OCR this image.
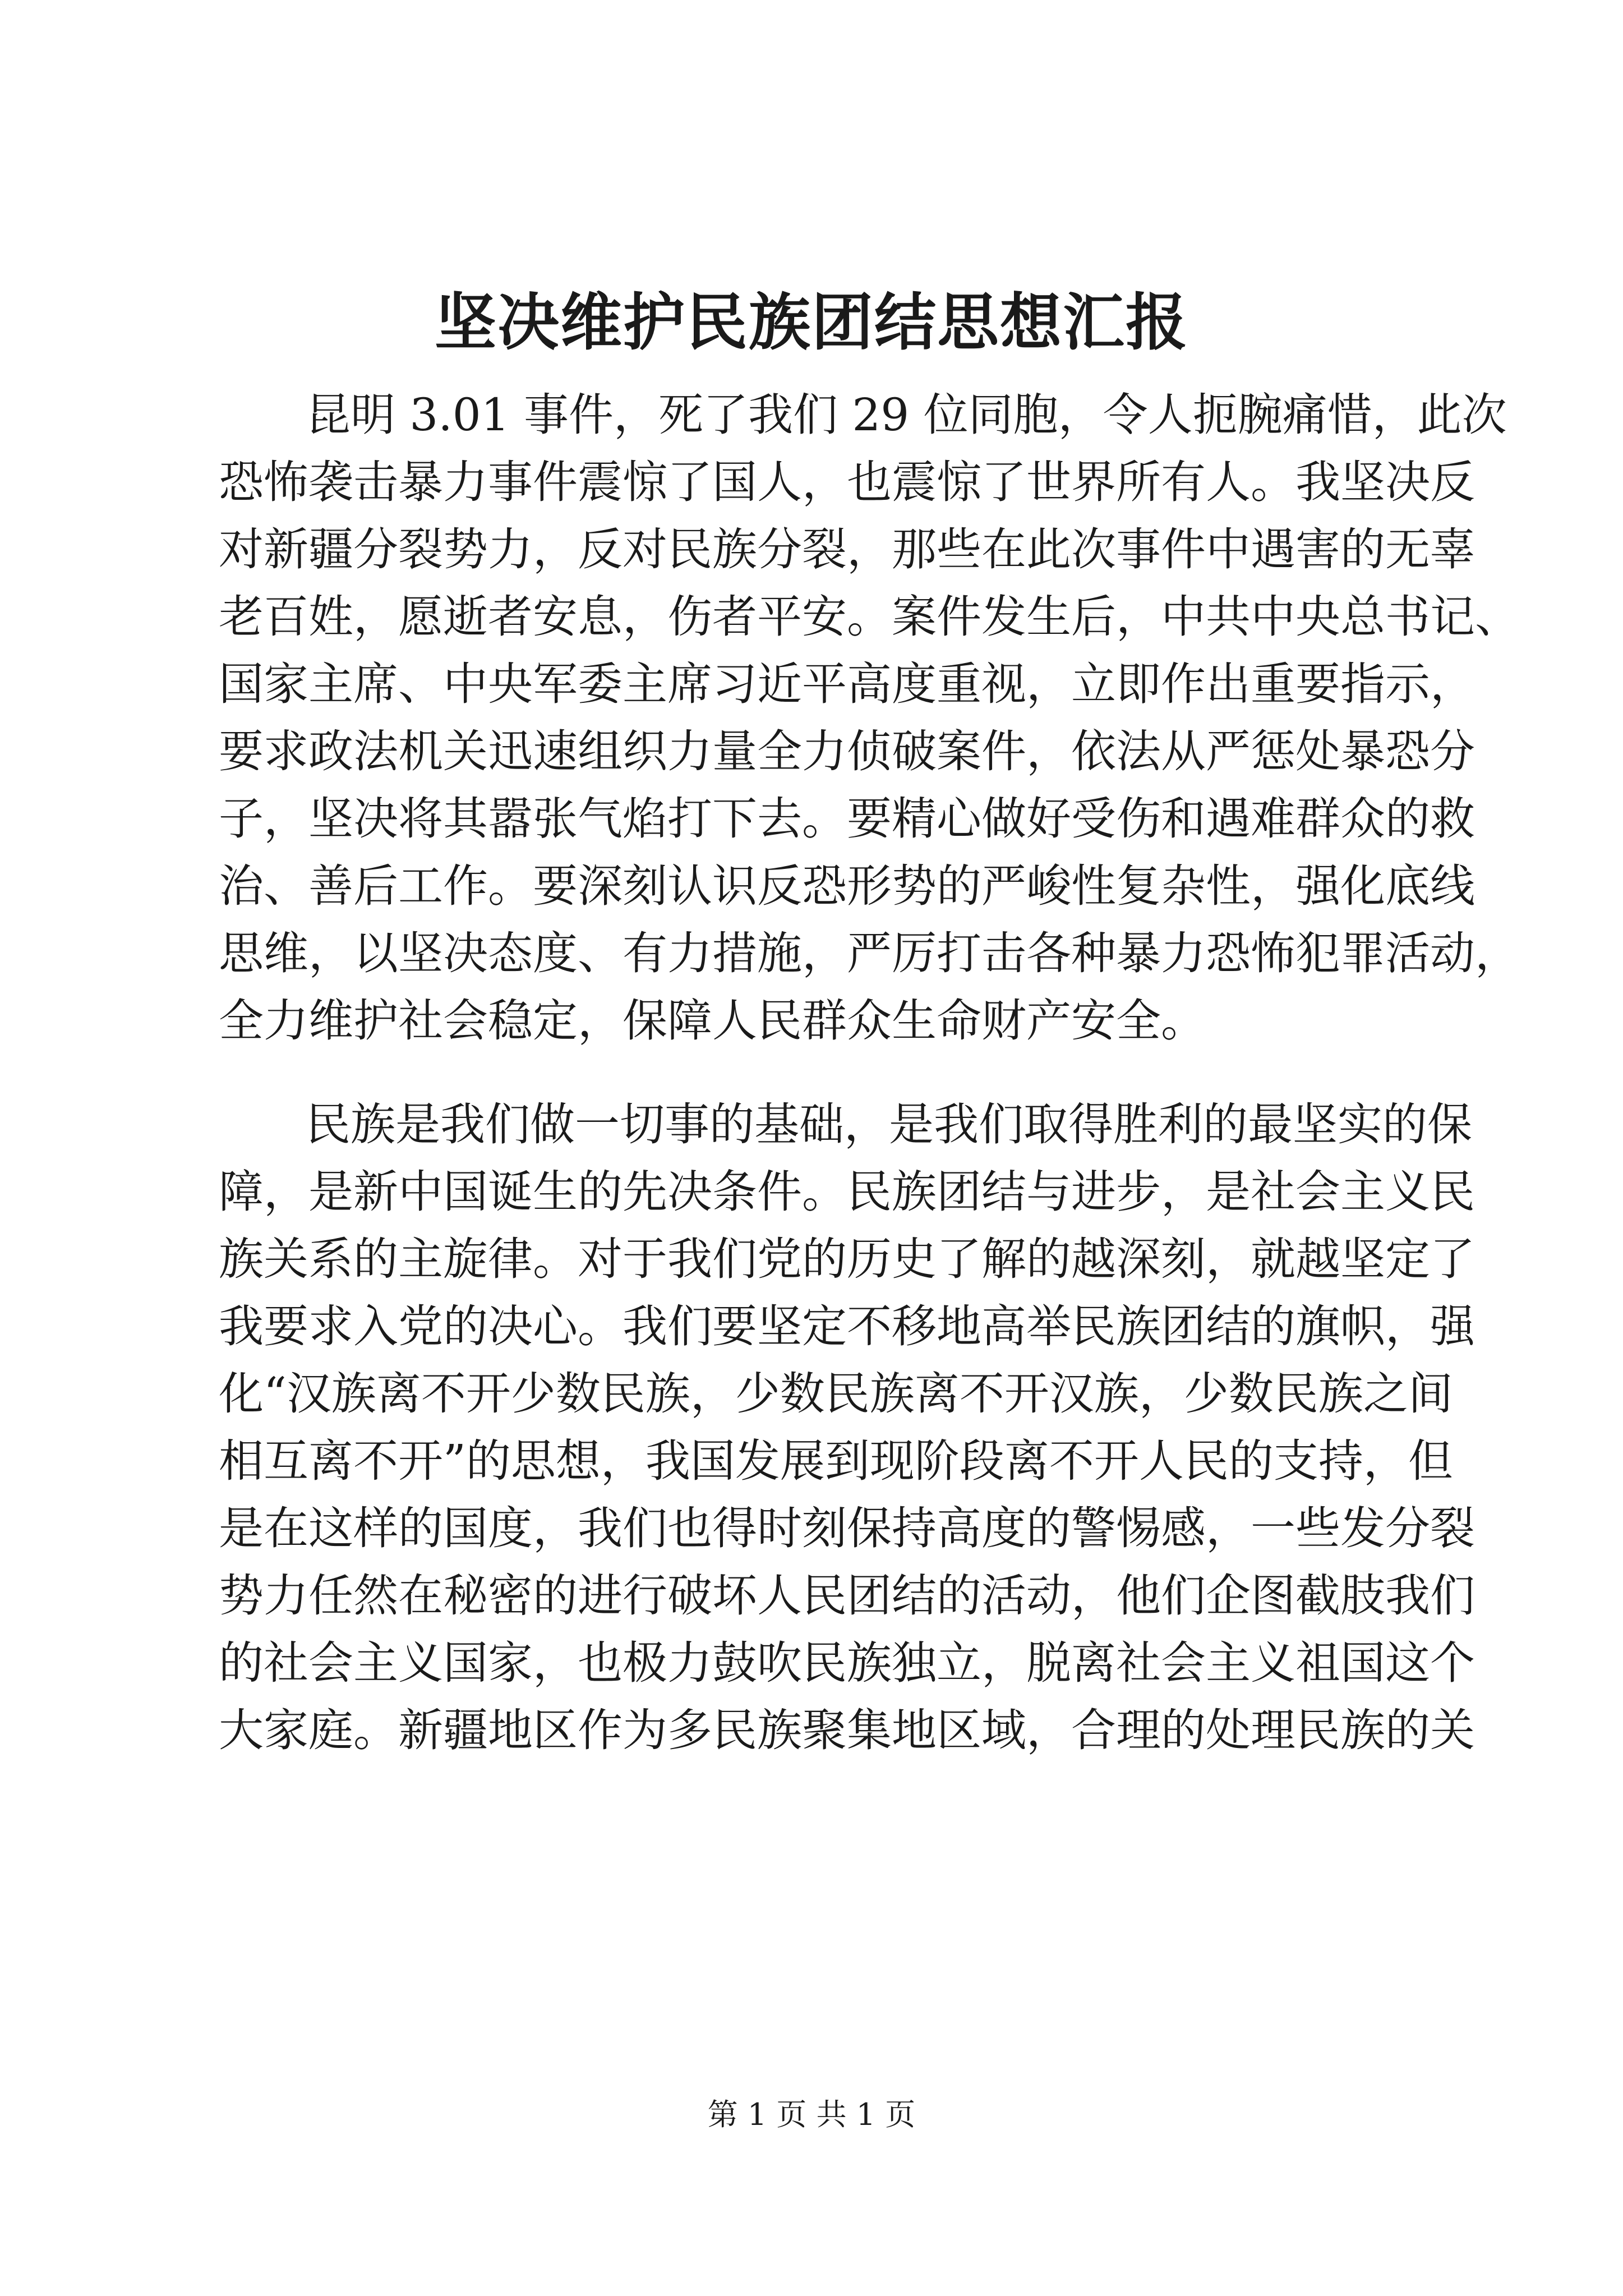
坚决维护民族团结思想汇报

昆明 3.01 事件，死了我们 29 位同胞，令人扼腕痛惜，此次

恐怖袭击暴力事件震惊了国人，也震惊了世界所有人。我坚决反

对新疆分裂势力，反对民族分裂，那些在此次事件中遇害的无辜

老百姓，愿逝者安息，伤者平安。案件发生后，中共中央总书记、

国家主席、中央军委主席习近平高度重视，立即作出重要指示，

要求政法机关迅速组织力量全力侦破案件，依法从严惩处暴恐分

子，坚决将其嚣张气焰打下去。要精心做好受伤和遇难群众的救

治、善后工作。要深刻认识反恐形势的严峻性复杂性，强化底线

思维，以坚决态度、有力措施，严厉打击各种暴力恐怖犯罪活动，

全力维护社会稳定，保障人民群众生命财产安全。

民族是我们做一切事的基础，是我们取得胜利的最坚实的保

障，是新中国诞生的先决条件。民族团结与进步，是社会主义民

族关系的主旋律。对于我们党的历史了解的越深刻，就越坚定了

我要求入党的决心。我们要坚定不移地高举民族团结的旗帜，强

化“汉族离不开少数民族，少数民族离不开汉族，少数民族之间

相互离不开”的思想，我国发展到现阶段离不开人民的支持，但

是在这样的国度，我们也得时刻保持高度的警惕感，一些发分裂

势力任然在秘密的进行破坏人民团结的活动，他们企图截肢我们

的社会主义国家，也极力鼓吹民族独立，脱离社会主义祖国这个

大家庭。新疆地区作为多民族聚集地区域，合理的处理民族的关

第 1 页 共 1 页
